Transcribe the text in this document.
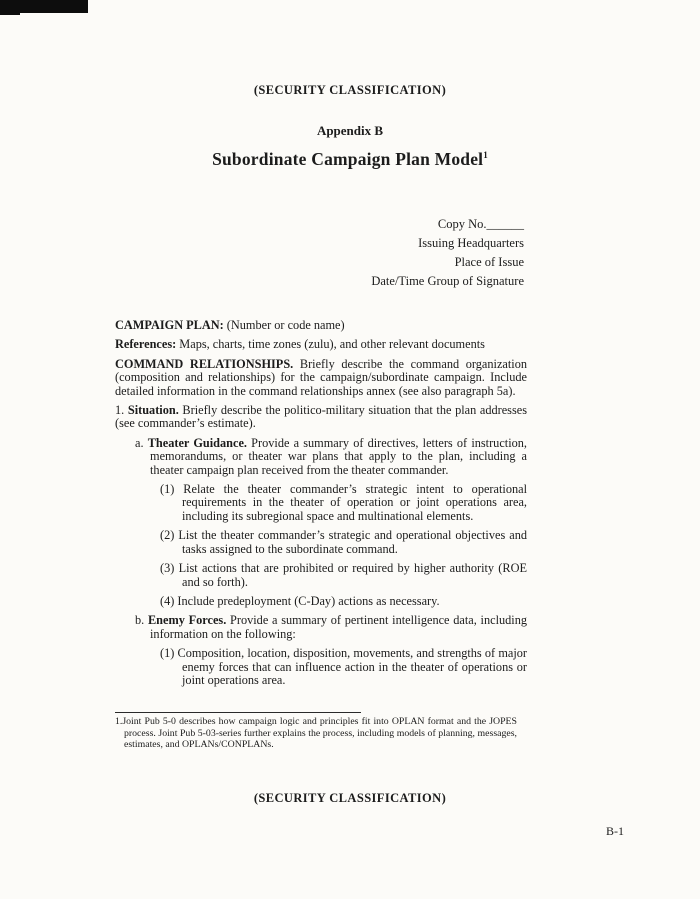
(SECURITY CLASSIFICATION)
Appendix B
Subordinate Campaign Plan Model$^1$
Copy No.______
Issuing Headquarters
Place of Issue
Date/Time Group of Signature

CAMPAIGN PLAN: (Number or code name)

References: Maps, charts, time zones (zulu), and other relevant documents

COMMAND RELATIONSHIPS. Briefly describe the command organization (composition and relationships) for the campaign/subordinate campaign. Include detailed information in the command relationships annex (see also paragraph 5a).

1. Situation. Briefly describe the politico-military situation that the plan addresses (see commander’s estimate).

a. Theater Guidance. Provide a summary of directives, letters of instruction, memorandums, or theater war plans that apply to the plan, including a theater campaign plan received from the theater commander.

(1) Relate the theater commander’s strategic intent to operational requirements in the theater of operation or joint operations area, including its subregional space and multinational elements.

(2) List the theater commander’s strategic and operational objectives and tasks assigned to the subordinate command.

(3) List actions that are prohibited or required by higher authority (ROE and so forth).

(4) Include predeployment (C-Day) actions as necessary.

b. Enemy Forces. Provide a summary of pertinent intelligence data, including information on the following:

(1) Composition, location, disposition, movements, and strengths of major enemy forces that can influence action in the theater of operations or joint operations area.

1.Joint Pub 5-0 describes how campaign logic and principles fit into OPLAN format and the JOPES process. Joint Pub 5-03-series further explains the process, including models of planning, messages, estimates, and OPLANs/CONPLANs.
(SECURITY CLASSIFICATION)
B-1
